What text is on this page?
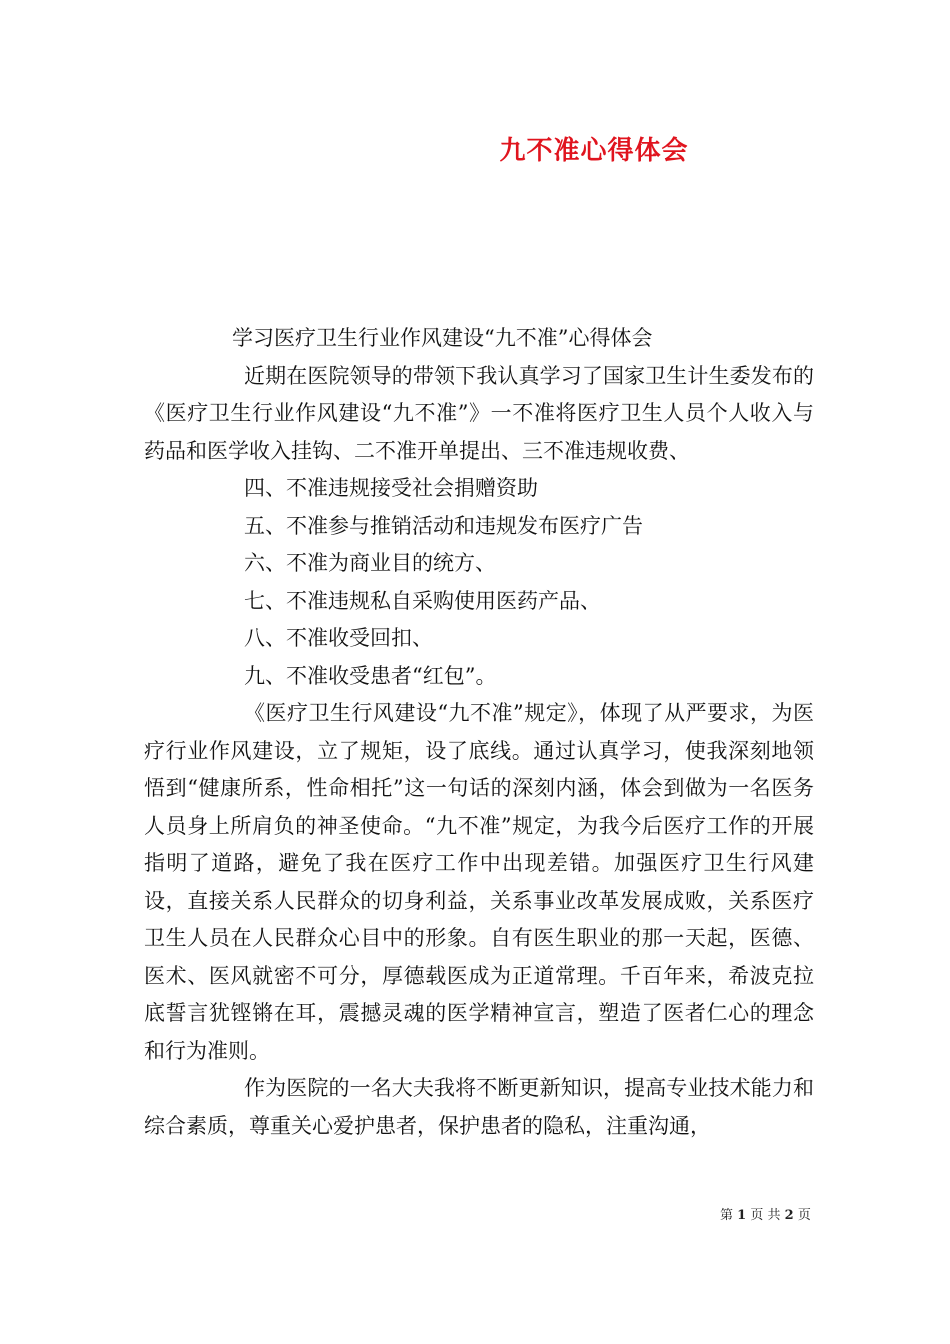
九不准心得体会

学习医疗卫生行业作风建设“九不准”心得体会

近期在医院领导的带领下我认真学习了国家卫生计生委发布的《医疗卫生行业作风建设“九不准”》一不准将医疗卫生人员个人收入与药品和医学收入挂钩、二不准开单提出、三不准违规收费、

四、不准违规接受社会捐赠资助

五、不准参与推销活动和违规发布医疗广告

六、不准为商业目的统方、

七、不准违规私自采购使用医药产品、

八、不准收受回扣、

九、不准收受患者“红包”。

《医疗卫生行风建设“九不准”规定》，体现了从严要求，为医疗行业作风建设，立了规矩，设了底线。通过认真学习，使我深刻地领悟到“健康所系，性命相托”这一句话的深刻内涵，体会到做为一名医务人员身上所肩负的神圣使命。“九不准”规定，为我今后医疗工作的开展指明了道路，避免了我在医疗工作中出现差错。加强医疗卫生行风建设，直接关系人民群众的切身利益，关系事业改革发展成败，关系医疗卫生人员在人民群众心目中的形象。自有医生职业的那一天起，医德、医术、医风就密不可分，厚德载医成为正道常理。千百年来，希波克拉底誓言犹铿锵在耳，震撼灵魂的医学精神宣言，塑造了医者仁心的理念和行为准则。

作为医院的一名大夫我将不断更新知识，提高专业技术能力和综合素质，尊重关心爱护患者，保护患者的隐私，注重沟通，

第 1 页 共 2 页
